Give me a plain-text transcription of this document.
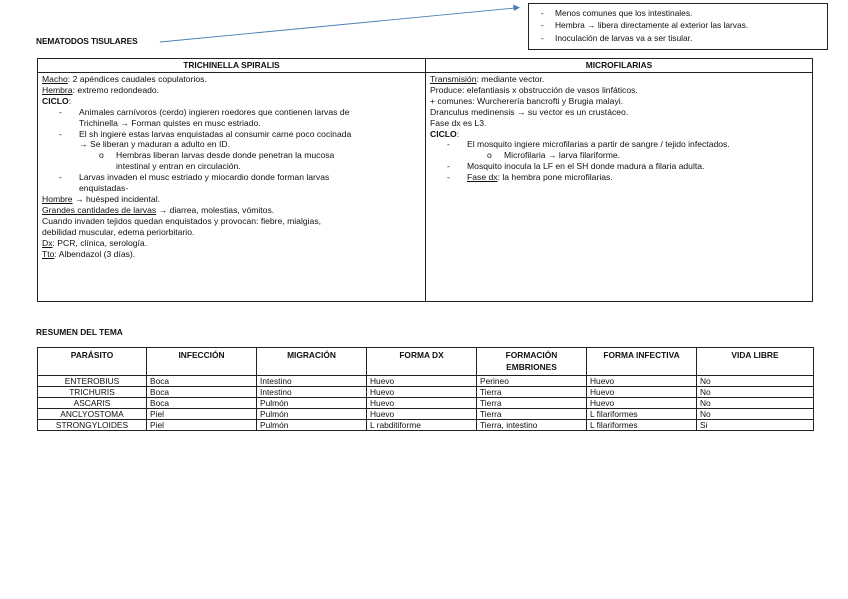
- Menos comunes que los intestinales.
- Hembra → libera directamente al exterior las larvas.
- Inoculación de larvas va a ser tisular.
NEMATODOS TISULARES
TRICHINELLA SPIRALIS	MICROFILARIAS
Macho: 2 apéndices caudales copulatorios.
Hembra: extremo redondeado.
CICLO:
- Animales carnívoros (cerdo) ingieren roedores que contienen larvas de
Trichinella → Forman quistes en musc estriado.
- El sh ingiere estas larvas enquistadas al consumir carne poco cocinada
→ Se liberan y maduran a adulto en ID.
o Hembras liberan larvas desde donde penetran la mucosa
intestinal y entran en circulación.
- Larvas invaden el musc estriado y miocardio donde forman larvas
enquistadas-
Hombre → huésped incidental.
Grandes cantidades de larvas → diarrea, molestias, vómitos.
Cuando invaden tejidos quedan enquistados y provocan: fiebre, mialgias,
debilidad muscular, edema periorbitario.
Dx: PCR, clínica, serología.
Tto: Albendazol (3 días).
Transmisión: mediante vector.
Produce: elefantiasis x obstrucción de vasos linfáticos.
+ comunes: Wurcherería bancrofti y Brugia malayi.
Dranculus medinensis → su vector es un crustáceo.
Fase dx es L3.
CICLO:
- El mosquito ingiere microfilarias a partir de sangre / tejido infectados.
o Microfilaria → larva filariforme.
- Mosquito inocula la LF en el SH donde madura a filaria adulta.
- Fase dx: la hembra pone microfilarias.
RESUMEN DEL TEMA
PARÁSITO	INFECCIÓN	MIGRACIÓN	FORMA DX	FORMACIÓN EMBRIONES	FORMA INFECTIVA	VIDA LIBRE
ENTEROBIUS	Boca	Intestino	Huevo	Perineo	Huevo	No
TRICHURIS	Boca	Intestino	Huevo	Tierra	Huevo	No
ASCARIS	Boca	Pulmón	Huevo	Tierra	Huevo	No
ANCLYOSTOMA	Piel	Pulmón	Huevo	Tierra	L filariformes	No
STRONGYLOIDES	Piel	Pulmón	L rabditiforme	Tierra, intestino	L filariformes	Si
